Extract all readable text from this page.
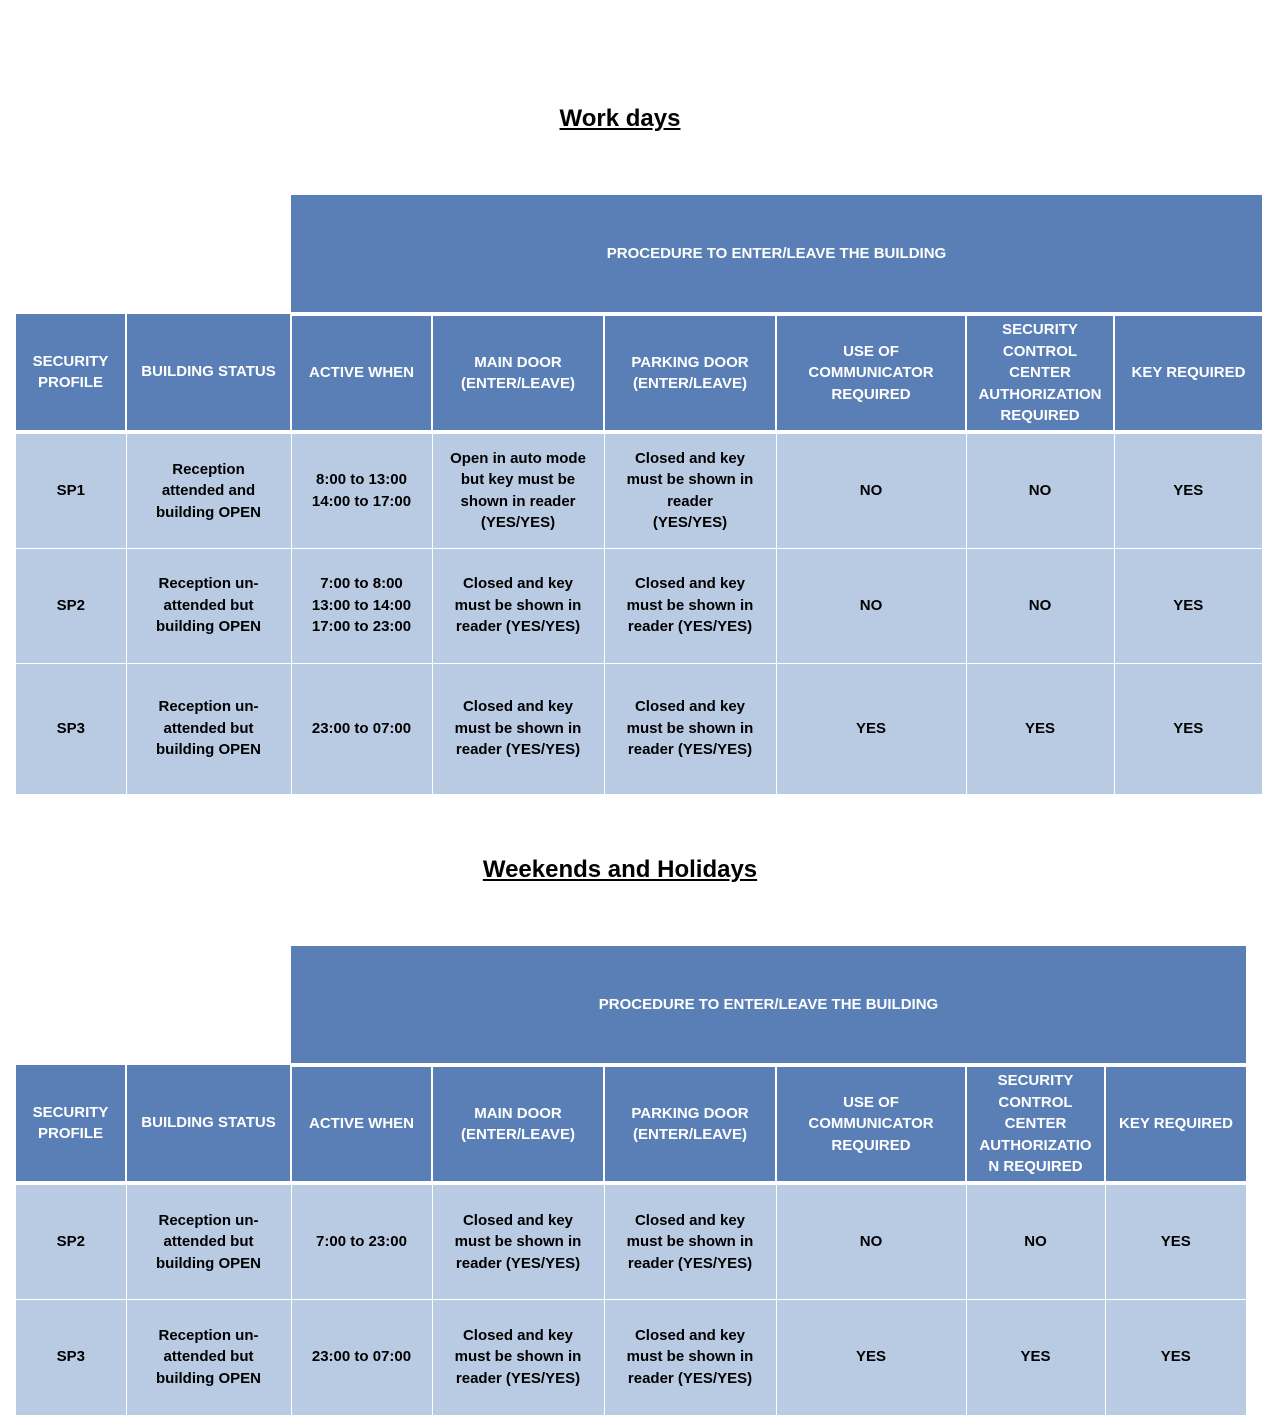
Work days
		PROCEDURE TO ENTER/LEAVE THE BUILDING					
SECURITY
PROFILE	BUILDING STATUS	ACTIVE WHEN	MAIN DOOR
(ENTER/LEAVE)	PARKING DOOR
(ENTER/LEAVE)	USE OF
COMMUNICATOR
REQUIRED	SECURITY
CONTROL
CENTER
AUTHORIZATION
REQUIRED	KEY REQUIRED
SP1	Reception
attended and
building OPEN	8:00 to 13:00
14:00 to 17:00	Open in auto mode
but key must be
shown in reader
(YES/YES)	Closed and key
must be shown in
reader
(YES/YES)	NO	NO	YES
SP2	Reception un-
attended but
building OPEN	7:00 to 8:00
13:00 to 14:00
17:00 to 23:00	Closed and key
must be shown in
reader (YES/YES)	Closed and key
must be shown in
reader (YES/YES)	NO	NO	YES
SP3	Reception un-
attended but
building OPEN	23:00 to 07:00	Closed and key
must be shown in
reader (YES/YES)	Closed and key
must be shown in
reader (YES/YES)	YES	YES	YES
Weekends and Holidays
		PROCEDURE TO ENTER/LEAVE THE BUILDING					
SECURITY
PROFILE	BUILDING STATUS	ACTIVE WHEN	MAIN DOOR
(ENTER/LEAVE)	PARKING DOOR
(ENTER/LEAVE)	USE OF
COMMUNICATOR
REQUIRED	SECURITY
CONTROL
CENTER
AUTHORIZATIO
N REQUIRED	KEY REQUIRED
SP2	Reception un-
attended but
building OPEN	7:00 to 23:00	Closed and key
must be shown in
reader (YES/YES)	Closed and key
must be shown in
reader (YES/YES)	NO	NO	YES
SP3	Reception un-
attended but
building OPEN	23:00 to 07:00	Closed and key
must be shown in
reader (YES/YES)	Closed and key
must be shown in
reader (YES/YES)	YES	YES	YES
